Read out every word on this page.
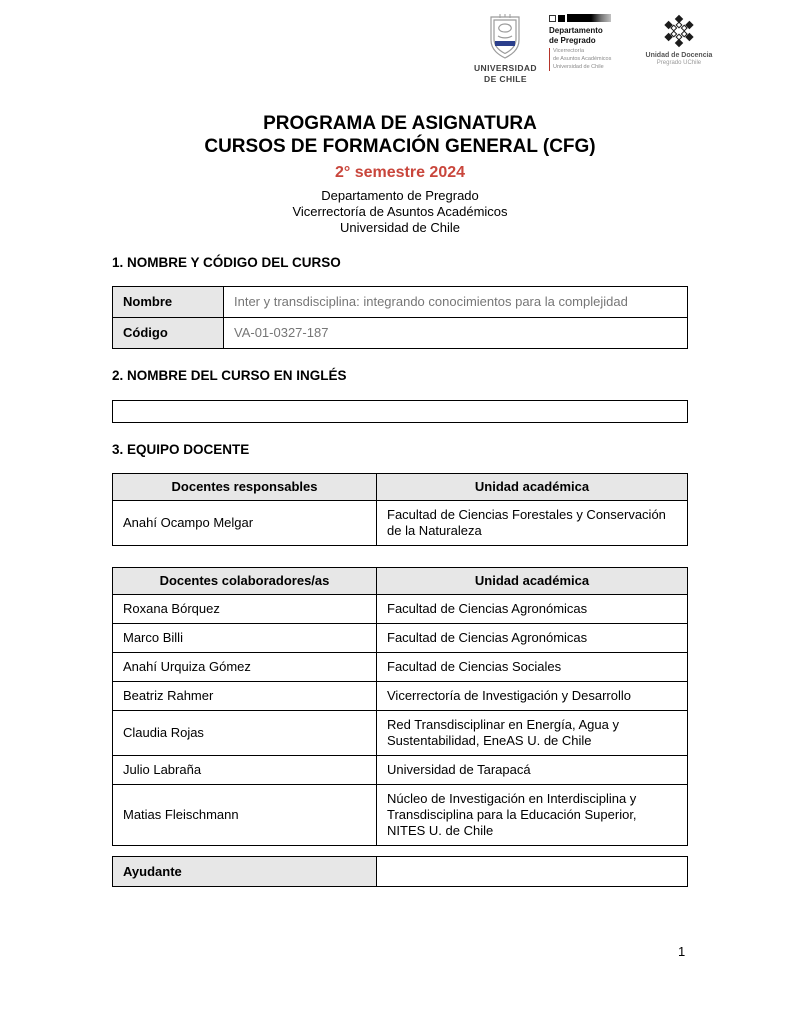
UNIVERSIDAD
DE CHILE
Departamento de Pregrado
Vicerrectoría
de Asuntos Académicos
Universidad de Chile
Unidad de Docencia
Pregrado UChile
PROGRAMA DE ASIGNATURA
CURSOS DE FORMACIÓN GENERAL (CFG)
2° semestre 2024
Departamento de Pregrado
Vicerrectoría de Asuntos Académicos
Universidad de Chile
1. NOMBRE Y CÓDIGO DEL CURSO
Nombre	Inter y transdisciplina: integrando conocimientos para la complejidad
Código	VA-01-0327-187
2. NOMBRE DEL CURSO EN INGLÉS
3. EQUIPO DOCENTE
Docentes responsables	Unidad académica
Anahí Ocampo Melgar	Facultad de Ciencias Forestales y Conservación de la Naturaleza
Docentes colaboradores/as	Unidad académica
Roxana Bórquez	Facultad de Ciencias Agronómicas
Marco Billi	Facultad de Ciencias Agronómicas
Anahí Urquiza Gómez	Facultad de Ciencias Sociales
Beatriz Rahmer	Vicerrectoría de Investigación y Desarrollo
Claudia Rojas	Red Transdisciplinar en Energía, Agua y Sustentabilidad, EneAS U. de Chile
Julio Labraña	Universidad de Tarapacá
Matias Fleischmann	Núcleo de Investigación en Interdisciplina y Transdisciplina para la Educación Superior, NITES U. de Chile
Ayudante	
1
